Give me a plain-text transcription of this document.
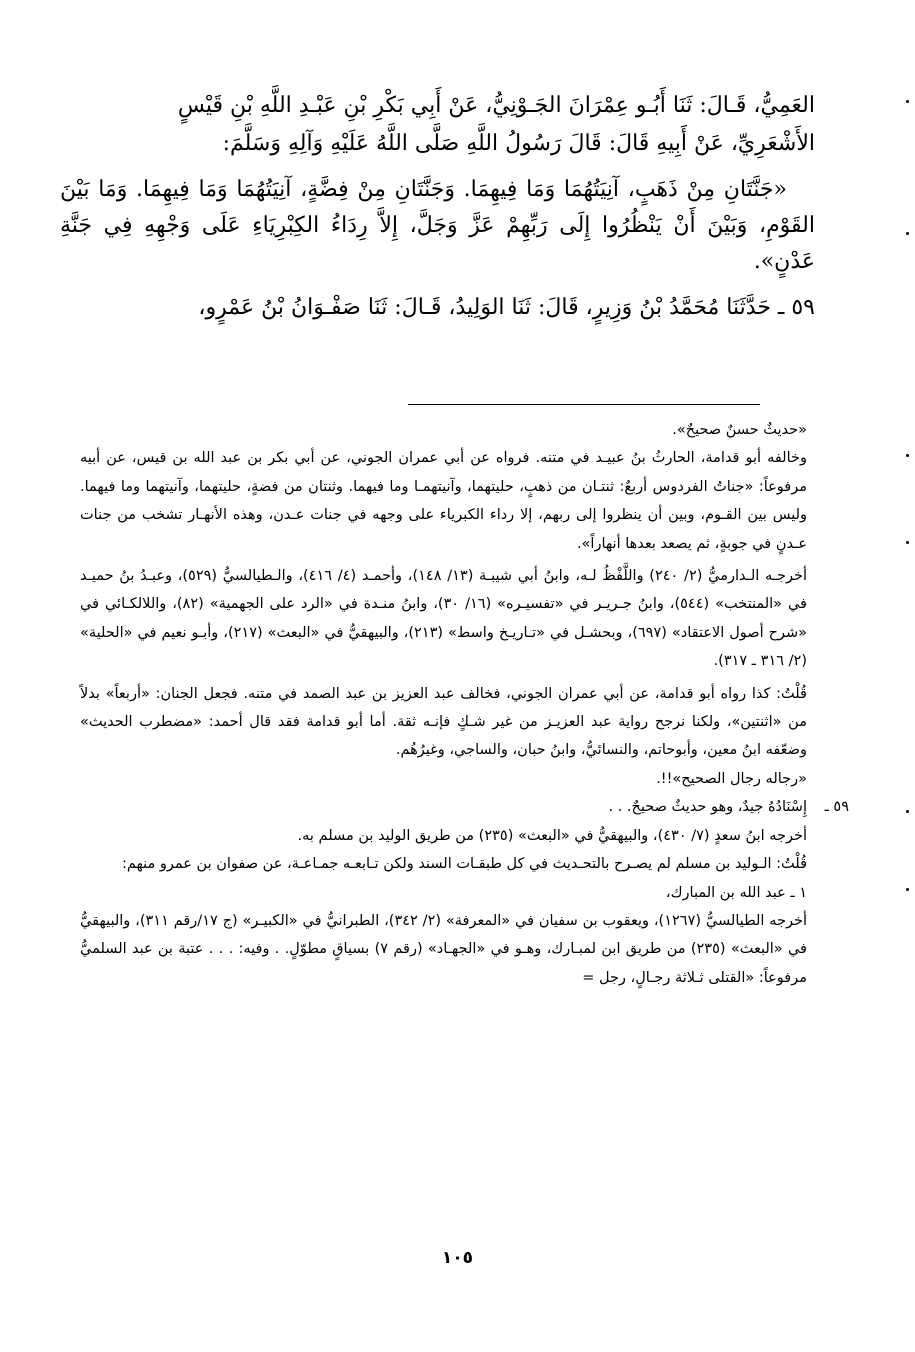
العَمِيُّ، قَـالَ: ثَنَا أَبُـو عِمْرَانَ الجَـوْنِيُّ، عَنْ أَبِي بَكْرِ بْنِ عَبْـدِ اللَّهِ بْنِ قَيْسٍ

الأَشْعَرِيِّ، عَنْ أَبِيهِ قَالَ: قَالَ رَسُولُ اللَّهِ صَلَّى اللَّهُ عَلَيْهِ وَآلِهِ وَسَلَّمَ:

«جَنَّتَانِ مِنْ ذَهَبٍ، آنِيَتُهُمَا وَمَا فِيهِمَا. وَجَنَّتَانِ مِنْ فِضَّةٍ، آنِيَتُهُمَا وَمَا فِيهِمَا. وَمَا بَيْنَ القَوْمِ، وَبَيْنَ أَنْ يَنْظُرُوا إِلَى رَبِّهِمْ عَزَّ وَجَلَّ، إِلاَّ رِدَاءُ الكِبْرِيَاءِ عَلَى وَجْهِهِ فِي جَنَّةِ عَدْنٍ».

٥٩ ـ حَدَّثَنَا مُحَمَّدُ بْنُ وَزِيرٍ، قَالَ: ثَنَا الوَلِيدُ، قَـالَ: ثَنَا صَفْـوَانُ بْنُ عَمْرٍو،

«حديثٌ حسنٌ صحيحٌ».

وخالفه أبو قدامة، الحارثُ بنُ عبيـد في متنه. فرواه عن أبي عمران الجوني، عن أبي بكر بن عبد الله بن قيس، عن أبيه مرفوعاً: «جناتُ الفردوس أربعٌ: ثنتـان من ذهبٍ، حليتهما، وآنيتهمـا وما فيهما. وثنتان من فضةٍ، حليتهما، وآنيتهما وما فيهما. وليس بين القـوم، وبين أن ينظروا إلى ربهم، إلا رداء الكبرياء على وجهه في جنات عـدن، وهذه الأنهـار تشخب من جنات عـدنٍ في جوبةٍ، ثم يصعد بعدها أنهاراً».

أخرجـه الـدارميُّ (٢/ ٢٤٠) واللَّفْظُ لـه، وابنُ أبي شيبـة (١٣/ ١٤٨)، وأحمـد (٤/ ٤١٦)، والـطيالسيُّ (٥٢٩)، وعبـدُ بنُ حميـد في «المنتخب» (٥٤٤)، وابنُ جـريـر في «تفسيـره» (١٦/ ٣٠)، وابنُ منـدة في «الرد على الجهمية» (٨٢)، واللالكـائي في «شرح أصول الاعتقاد» (٦٩٧)، وبحشـل في «تـاريـخ واسط» (٢١٣)، والبيهقيُّ في «البعث» (٢١٧)، وأبـو نعيم في «الحلية» (٢/ ٣١٦ ـ ٣١٧).

قُلْتُ: كذا رواه أبو قدامة، عن أبي عمران الجوني، فخالف عبد العزيز بن عبد الصمد في متنه. فجعل الجنان: «أربعاً» بدلاً من «اثنتين»، ولكنا نرجح رواية عبد العزيـز من غير شـكٍ فإنـه ثقة. أما أبو قدامة فقد قال أحمد: «مضطرب الحديث» وضعّفه ابنُ معين، وأبوحاتم، والنسائيُّ، وابنُ حبان، والساجي، وغيرُهُم.

«رجاله رجال الصحيح»!!.

٥٩ ـ
إِسْنَادُهُ جيدٌ، وهو حديثٌ صحيحٌ. . .

أخرجه ابنُ سعدٍ (٧/ ٤٣٠)، والبيهقيُّ في «البعث» (٢٣٥) من طريق الوليد بن مسلم به.

قُلْتُ: الـوليد بن مسلم لم يصـرح بالتحـديث في كل طبقـات السند ولكن تـابعـه جمـاعـة، عن صفوان بن عمرو منهم:

١ ـ عبد الله بن المبارك،

أخرجه الطيالسيُّ (١٢٦٧)، ويعقوب بن سفيان في «المعرفة» (٢/ ٣٤٢)، الطبرانيُّ في «الكبيـر» (ج ١٧/رقم ٣١١)، والبيهقيُّ في «البعث» (٢٣٥) من طريق ابن لمبـارك، وهـو في «الجهـاد» (رقم ٧) بسياقٍ مطوّلٍ. . وفيه: . . . عتبة بن عبد السلميُّ مرفوعاً: «القتلى ثـلاثة رجـالٍ، رجل =

١٠٥
